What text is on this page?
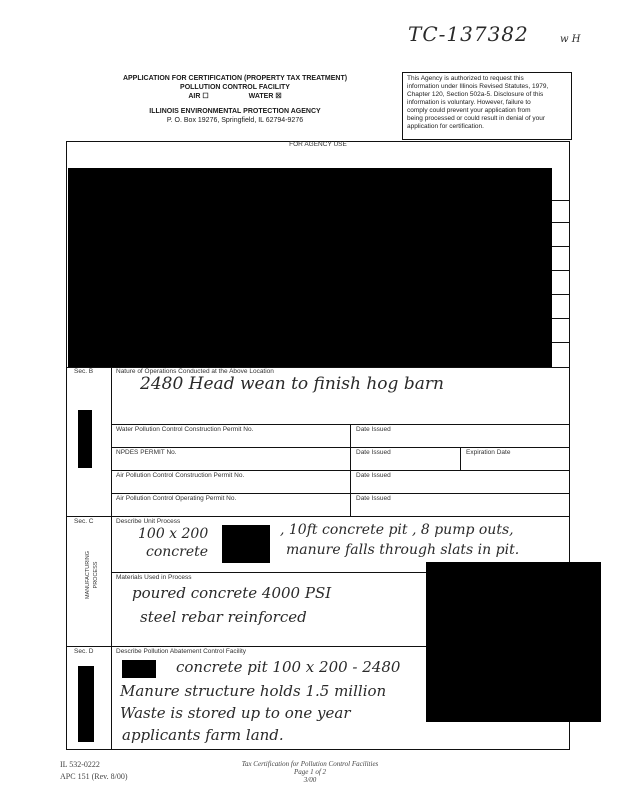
w H
TC-137382
APPLICATION FOR CERTIFICATION (PROPERTY TAX TREATMENT)
POLLUTION CONTROL FACILITY
AIR ☐	WATER ☒
ILLINOIS ENVIRONMENTAL PROTECTION AGENCY
P. O. Box 19276, Springfield, IL 62794-9276
This Agency is authorized to request this
information under Illinois Revised Statutes, 1979,
Chapter 120, Section 502a-5. Disclosure of this
information is voluntary. However, failure to
comply could prevent your application from
being processed or could result in denial of your
application for certification.
FOR AGENCY USE
Sec. B	Nature of Operations Conducted at the Above Location
2480 Head wean to finish hog barn
Water Pollution Control Construction Permit No.	Date Issued
NPDES PERMIT No.	Date Issued	Expiration Date
Air Pollution Control Construction Permit No.	Date Issued
Air Pollution Control Operating Permit No.	Date Issued
Sec. C
MANUFACTURING PROCESS
Describe Unit Process
100 x 200	, 10ft concrete pit , 8 pump outs,
concrete	manure falls through slats in pit.
Materials Used in Process
poured concrete 4000 PSI
steel rebar reinforced
Sec. D	Describe Pollution Abatement Control Facility
concrete pit 100 x 200 - 2480
Manure structure holds 1.5 million
Waste is stored up to one year
applicants farm land.
IL 532-0222
APC 151 (Rev. 8/00)
Tax Certification for Pollution Control Facilities
Page 1 of 2
3/00
